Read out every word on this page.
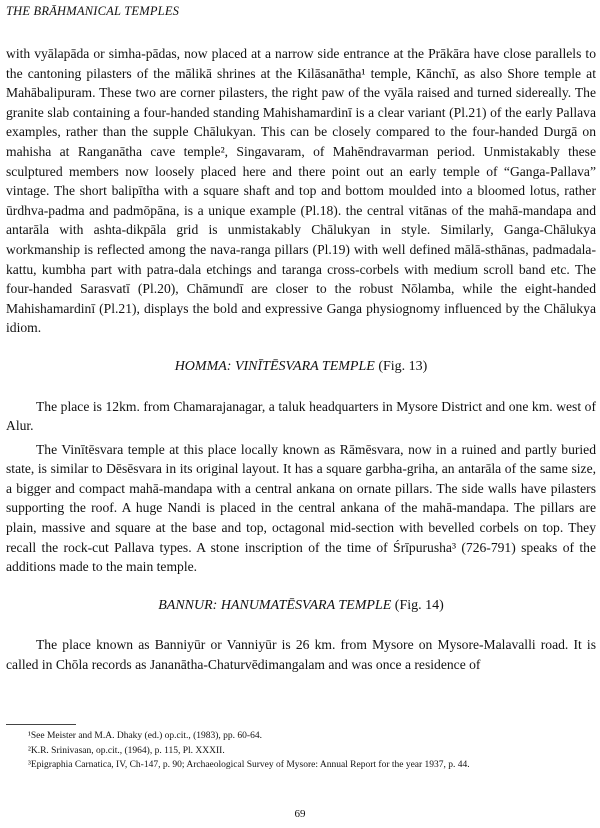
THE BRĀHMANICAL TEMPLES

with vyālapāda or simha-pādas, now placed at a narrow side entrance at the Prākāra have close parallels to the cantoning pilasters of the mālikā shrines at the Kilāsanātha¹ temple, Kānchī, as also Shore temple at Mahābalipuram. These two are corner pilasters, the right paw of the vyāla raised and turned sidereally. The granite slab containing a four-handed standing Mahishamardinī is a clear variant (Pl.21) of the early Pallava examples, rather than the supple Chālukyan. This can be closely compared to the four-handed Durgā on mahisha at Ranganātha cave temple², Singavaram, of Mahēndravarman period. Unmistakably these sculptured members now loosely placed here and there point out an early temple of “Ganga-Pallava” vintage. The short balipītha with a square shaft and top and bottom moulded into a bloomed lotus, rather ūrdhva-padma and padmōpāna, is a unique example (Pl.18). the central vitānas of the mahā-mandapa and antarāla with ashta-dikpāla grid is unmistakably Chālukyan in style. Similarly, Ganga-Chālukya workmanship is reflected among the nava-ranga pillars (Pl.19) with well defined mālā-sthānas, padmadala-kattu, kumbha part with patra-dala etchings and taranga cross-corbels with medium scroll band etc. The four-handed Sarasvatī (Pl.20), Chāmundī are closer to the robust Nōlamba, while the eight-handed Mahishamardinī (Pl.21), displays the bold and expressive Ganga physiognomy influenced by the Chālukya idiom.

HOMMA: VINĪTĒSVARA TEMPLE (Fig. 13)

The place is 12km. from Chamarajanagar, a taluk headquarters in Mysore District and one km. west of Alur.

The Vinītēsvara temple at this place locally known as Rāmēsvara, now in a ruined and partly buried state, is similar to Dēsēsvara in its original layout. It has a square garbha-griha, an antarāla of the same size, a bigger and compact mahā-mandapa with a central ankana on ornate pillars. The side walls have pilasters supporting the roof. A huge Nandi is placed in the central ankana of the mahā-mandapa. The pillars are plain, massive and square at the base and top, octagonal mid-section with bevelled corbels on top. They recall the rock-cut Pallava types. A stone inscription of the time of Śrīpurusha³ (726-791) speaks of the additions made to the main temple.

BANNUR: HANUMATĒSVARA TEMPLE (Fig. 14)

The place known as Banniyūr or Vanniyūr is 26 km. from Mysore on Mysore-Malavalli road. It is called in Chōla records as Jananātha-Chaturvēdimangalam and was once a residence of

¹See Meister and M.A. Dhaky (ed.) op.cit., (1983), pp. 60-64.

²K.R. Srinivasan, op.cit., (1964), p. 115, Pl. XXXII.

³Epigraphia Carnatica, IV, Ch-147, p. 90; Archaeological Survey of Mysore: Annual Report for the year 1937, p. 44.

69
